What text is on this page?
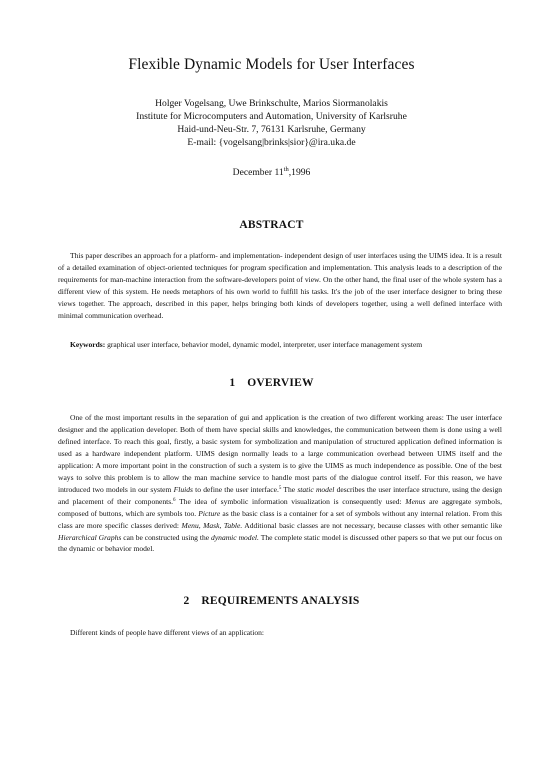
Flexible Dynamic Models for User Interfaces
Holger Vogelsang, Uwe Brinkschulte, Marios Siormanolakis
Institute for Microcomputers and Automation, University of Karlsruhe
Haid-und-Neu-Str. 7, 76131 Karlsruhe, Germany
E-mail: {vogelsang|brinks|sior}@ira.uka.de
December 11th,1996
ABSTRACT
This paper describes an approach for a platform- and implementation- independent design of user interfaces using the UIMS idea. It is a result of a detailed examination of object-oriented techniques for program specification and implementation. This analysis leads to a description of the requirements for man-machine interaction from the software-developers point of view. On the other hand, the final user of the whole system has a different view of this system. He needs metaphors of his own world to fulfill his tasks. It's the job of the user interface designer to bring these views together. The approach, described in this paper, helps bringing both kinds of developers together, using a well defined interface with minimal communication overhead.
Keywords: graphical user interface, behavior model, dynamic model, interpreter, user interface management system
1 OVERVIEW
One of the most important results in the separation of gui and application is the creation of two different working areas: The user interface designer and the application developer. Both of them have special skills and knowledges, the communication between them is done using a well defined interface. To reach this goal, firstly, a basic system for symbolization and manipulation of structured application defined information is used as a hardware independent platform. UIMS design normally leads to a large communication overhead between UIMS itself and the application: A more important point in the construction of such a system is to give the UIMS as much independence as possible. One of the best ways to solve this problem is to allow the man machine service to handle most parts of the dialogue control itself. For this reason, we have introduced two models in our system Fluids to define the user interface.$^5$ The static model describes the user interface structure, using the design and placement of their components.$^6$ The idea of symbolic information visualization is consequently used: Menus are aggregate symbols, composed of buttons, which are symbols too. Picture as the basic class is a container for a set of symbols without any internal relation. From this class are more specific classes derived: Menu, Mask, Table. Additional basic classes are not necessary, because classes with other semantic like Hierarchical Graphs can be constructed using the dynamic model. The complete static model is discussed other papers so that we put our focus on the dynamic or behavior model.
2 REQUIREMENTS ANALYSIS
Different kinds of people have different views of an application:
